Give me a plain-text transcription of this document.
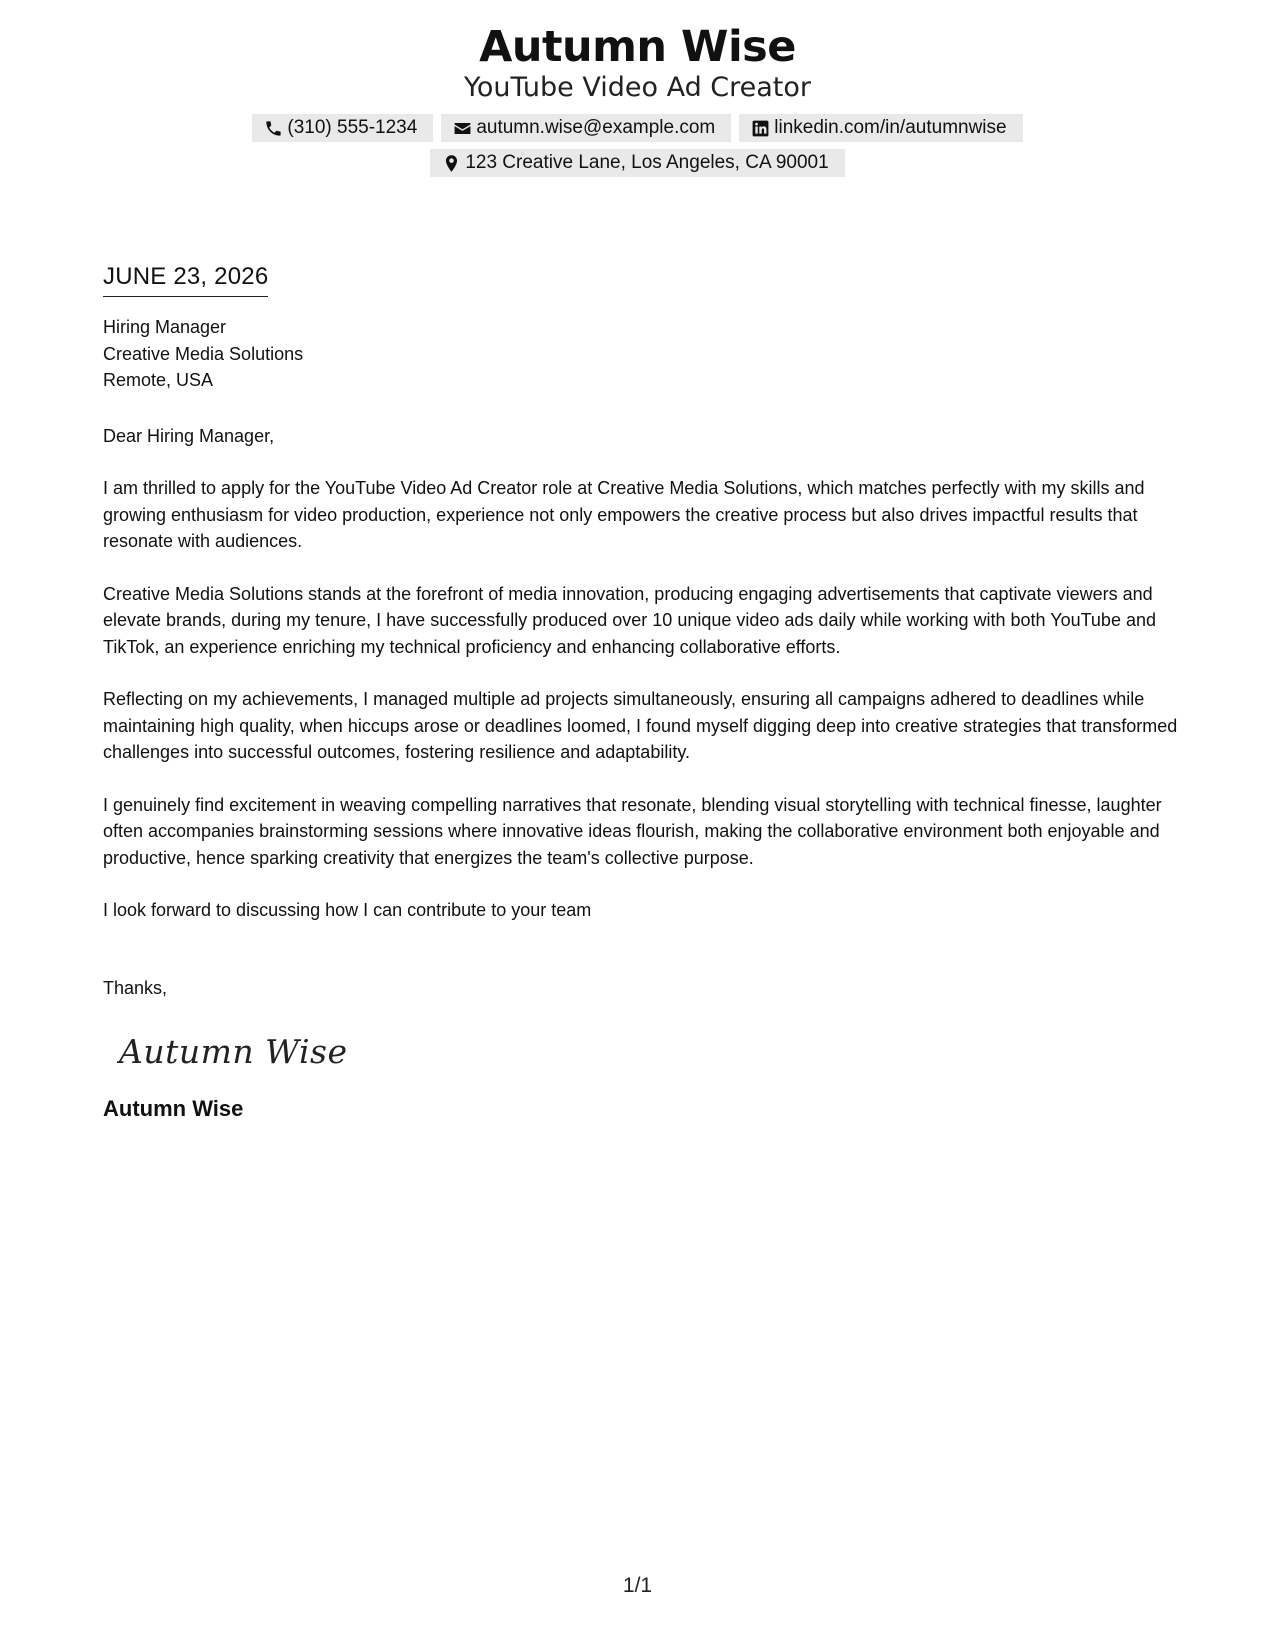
Autumn Wise
YouTube Video Ad Creator
(310) 555-1234	autumn.wise@example.com	linkedin.com/in/autumnwise
123 Creative Lane, Los Angeles, CA 90001
JUNE 23, 2026
Hiring Manager
Creative Media Solutions
Remote, USA
Dear Hiring Manager,
I am thrilled to apply for the YouTube Video Ad Creator role at Creative Media Solutions, which matches perfectly with my skills and growing enthusiasm for video production, experience not only empowers the creative process but also drives impactful results that resonate with audiences.
Creative Media Solutions stands at the forefront of media innovation, producing engaging advertisements that captivate viewers and elevate brands, during my tenure, I have successfully produced over 10 unique video ads daily while working with both YouTube and TikTok, an experience enriching my technical proficiency and enhancing collaborative efforts.
Reflecting on my achievements, I managed multiple ad projects simultaneously, ensuring all campaigns adhered to deadlines while maintaining high quality, when hiccups arose or deadlines loomed, I found myself digging deep into creative strategies that transformed challenges into successful outcomes, fostering resilience and adaptability.
I genuinely find excitement in weaving compelling narratives that resonate, blending visual storytelling with technical finesse, laughter often accompanies brainstorming sessions where innovative ideas flourish, making the collaborative environment both enjoyable and productive, hence sparking creativity that energizes the team's collective purpose.
I look forward to discussing how I can contribute to your team
Thanks,
Autumn Wise
Autumn Wise
1/1
